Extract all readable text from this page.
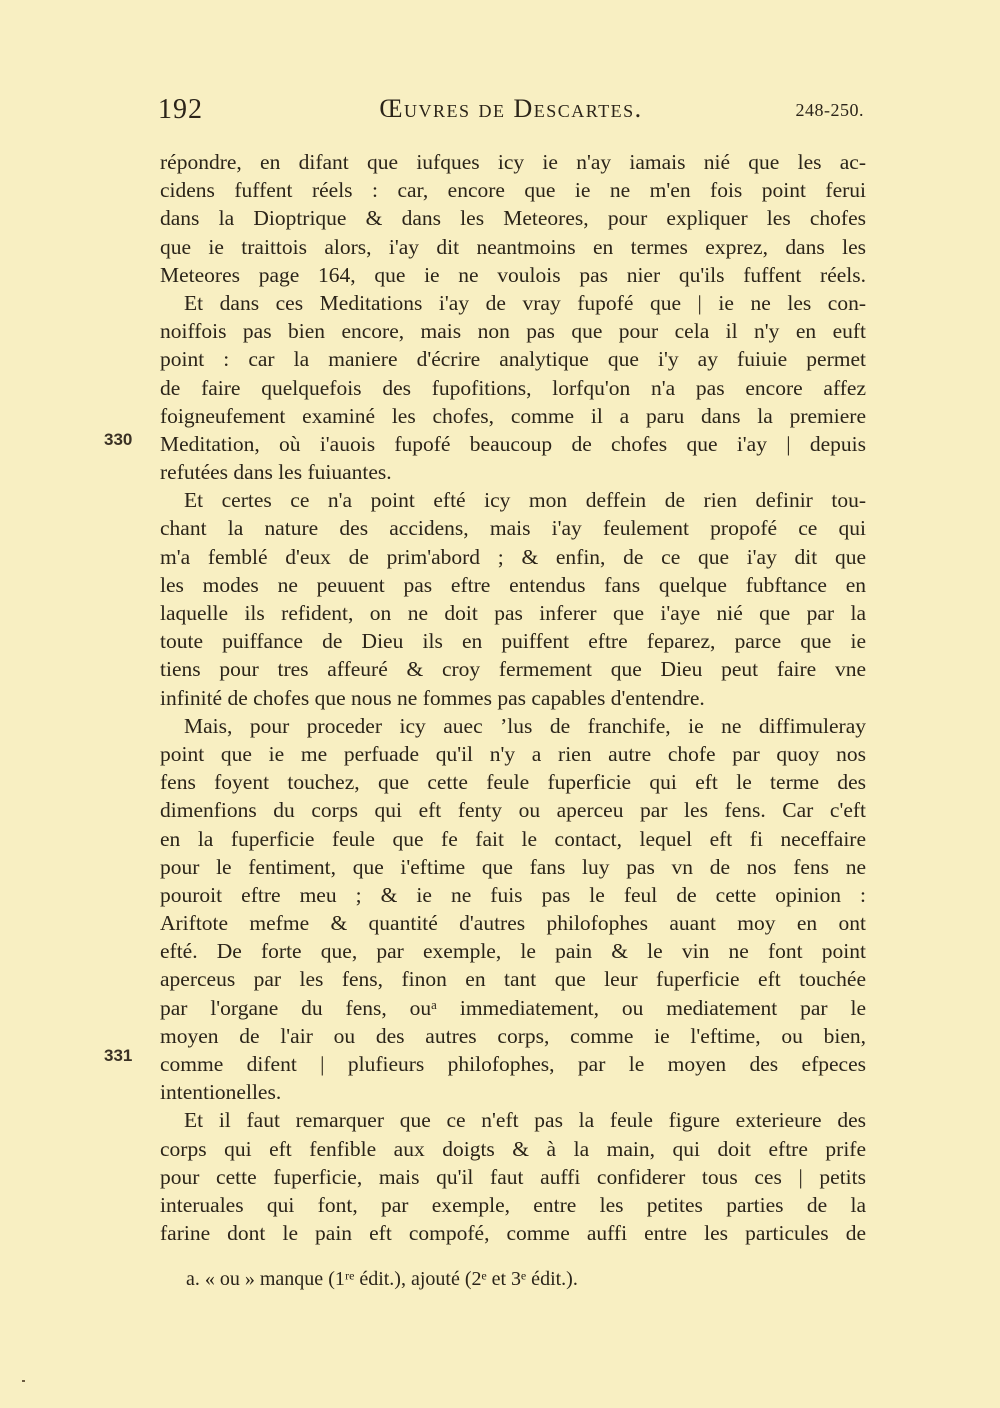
192	Œuvres de Descartes.	248-250.
330
331
répondre, en difant que iufques icy ie n'ay iamais nié que les ac-
cidens fuffent réels : car, encore que ie ne m'en fois point ferui
dans la Dioptrique & dans les Meteores, pour expliquer les chofes
que ie traittois alors, i'ay dit neantmoins en termes exprez, dans les
Meteores page 164, que ie ne voulois pas nier qu'ils fuffent réels.
Et dans ces Meditations i'ay de vray fupofé que | ie ne les con-
noiffois pas bien encore, mais non pas que pour cela il n'y en euft
point : car la maniere d'écrire analytique que i'y ay fuiuie permet
de faire quelquefois des fupofitions, lorfqu'on n'a pas encore affez
foigneufement examiné les chofes, comme il a paru dans la premiere
Meditation, où i'auois fupofé beaucoup de chofes que i'ay | depuis
refutées dans les fuiuantes.
Et certes ce n'a point efté icy mon deffein de rien definir tou-
chant la nature des accidens, mais i'ay feulement propofé ce qui
m'a femblé d'eux de prim'abord ; & enfin, de ce que i'ay dit que
les modes ne peuuent pas eftre entendus fans quelque fubftance en
laquelle ils refident, on ne doit pas inferer que i'aye nié que par la
toute puiffance de Dieu ils en puiffent eftre feparez, parce que ie
tiens pour tres affeuré & croy fermement que Dieu peut faire vne
infinité de chofes que nous ne fommes pas capables d'entendre.
Mais, pour proceder icy auec ʼlus de franchife, ie ne diffimuleray
point que ie me perfuade qu'il n'y a rien autre chofe par quoy nos
fens foyent touchez, que cette feule fuperficie qui eft le terme des
dimenfions du corps qui eft fenty ou aperceu par les fens. Car c'eft
en la fuperficie feule que fe fait le contact, lequel eft fi neceffaire
pour le fentiment, que i'eftime que fans luy pas vn de nos fens ne
pouroit eftre meu ; & ie ne fuis pas le feul de cette opinion :
Ariftote mefme & quantité d'autres philofophes auant moy en ont
efté. De forte que, par exemple, le pain & le vin ne font point
aperceus par les fens, finon en tant que leur fuperficie eft touchée
par l'organe du fens, ouᵃ immediatement, ou mediatement par le
moyen de l'air ou des autres corps, comme ie l'eftime, ou bien,
comme difent | plufieurs philofophes, par le moyen des efpeces
intentionelles.
Et il faut remarquer que ce n'eft pas la feule figure exterieure des
corps qui eft fenfible aux doigts & à la main, qui doit eftre prife
pour cette fuperficie, mais qu'il faut auffi confiderer tous ces | petits
interuales qui font, par exemple, entre les petites parties de la
farine dont le pain eft compofé, comme auffi entre les particules de
a. « ou » manque (1ʳᵉ édit.), ajouté (2ᵉ et 3ᵉ édit.).
